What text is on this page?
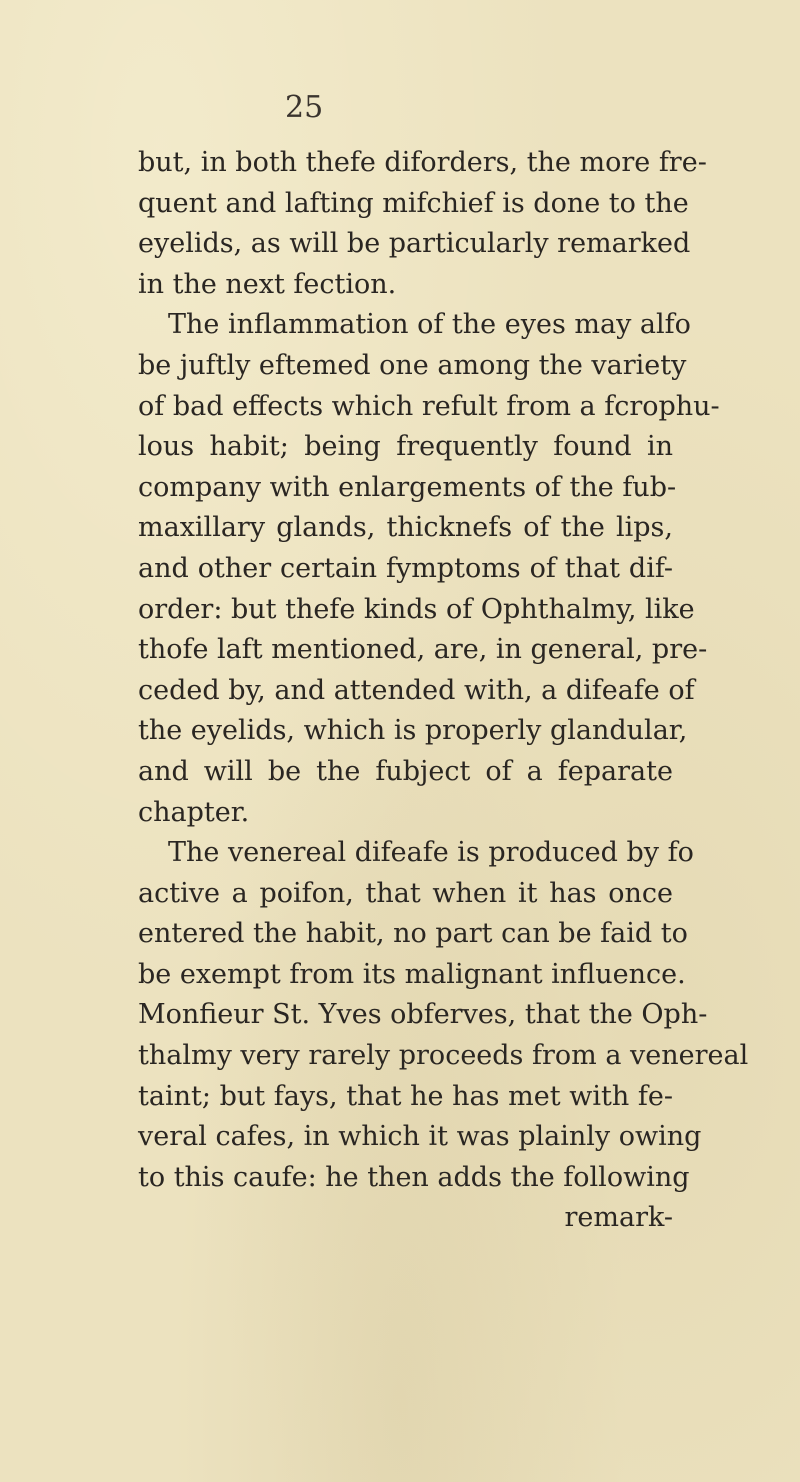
25
but, in both thefe diforders, the more fre-
quent and lafting mifchief is done to the
eyelids, as will be particularly remarked
in the next fection.
The inflammation of the eyes may alfo
be juftly eftemed one among the variety
of bad effects which refult from a fcrophu-
lous habit; being frequently found in
company with enlargements of the fub-
maxillary glands, thicknefs of the lips,
and other certain fymptoms of that dif-
order: but thefe kinds of Ophthalmy, like
thofe laft mentioned, are, in general, pre-
ceded by, and attended with, a difeafe of
the eyelids, which is properly glandular,
and will be the fubject of a feparate
chapter.
The venereal difeafe is produced by fo
active a poifon, that when it has once
entered the habit, no part can be faid to
be exempt from its malignant influence.
Monfieur St. Yves obferves, that the Oph-
thalmy very rarely proceeds from a venereal
taint; but fays, that he has met with fe-
veral cafes, in which it was plainly owing
to this caufe: he then adds the following
remark-
